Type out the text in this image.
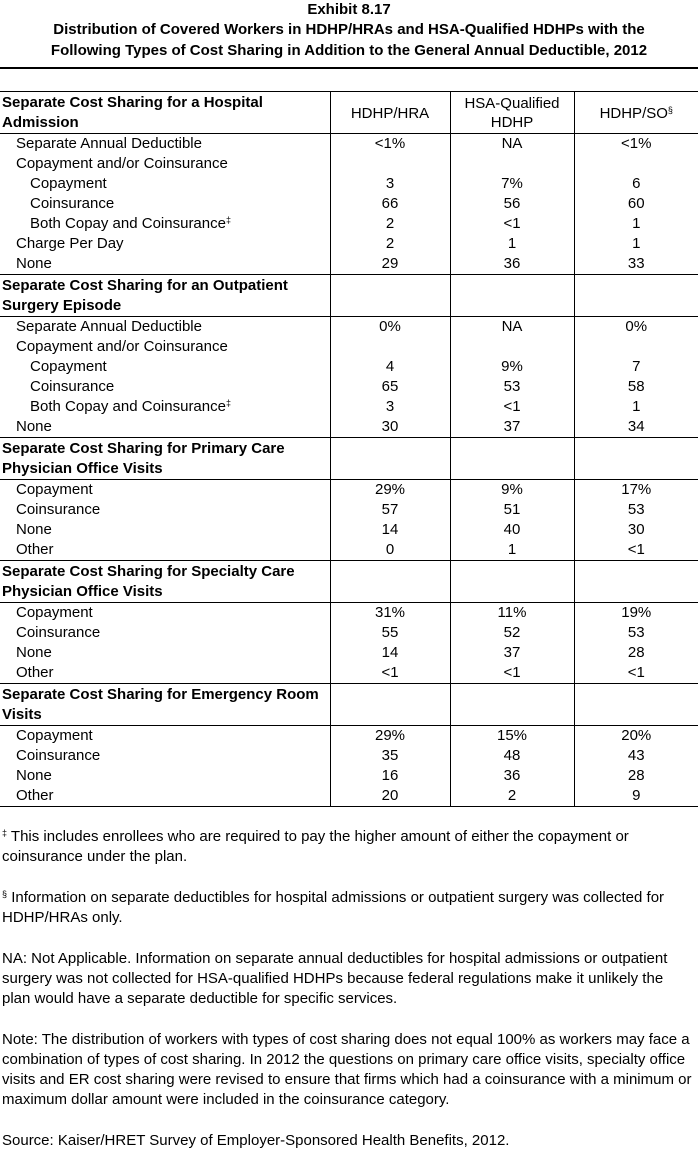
Exhibit 8.17
Distribution of Covered Workers in HDHP/HRAs and HSA-Qualified HDHPs with the
Following Types of Cost Sharing in Addition to the General Annual Deductible, 2012
Separate Cost Sharing for a Hospital Admission	HDHP/HRA	HSA-Qualified HDHP	HDHP/SO§
Separate Annual Deductible	<1%	NA	<1%
Copayment and/or Coinsurance			
Copayment	3	7%	6
Coinsurance	66	56	60
Both Copay and Coinsurance‡	2	<1	1
Charge Per Day	2	1	1
None	29	36	33
Separate Cost Sharing for an Outpatient Surgery Episode			
Separate Annual Deductible	0%	NA	0%
Copayment and/or Coinsurance			
Copayment	4	9%	7
Coinsurance	65	53	58
Both Copay and Coinsurance‡	3	<1	1
None	30	37	34
Separate Cost Sharing for Primary Care Physician Office Visits			
Copayment	29%	9%	17%
Coinsurance	57	51	53
None	14	40	30
Other	0	1	<1
Separate Cost Sharing for Specialty Care Physician Office Visits			
Copayment	31%	11%	19%
Coinsurance	55	52	53
None	14	37	28
Other	<1	<1	<1
Separate Cost Sharing for Emergency Room Visits			
Copayment	29%	15%	20%
Coinsurance	35	48	43
None	16	36	28
Other	20	2	9

‡ This includes enrollees who are required to pay the higher amount of either the copayment or coinsurance under the plan.

§ Information on separate deductibles for hospital admissions or outpatient surgery was collected for HDHP/HRAs only.

NA: Not Applicable. Information on separate annual deductibles for hospital admissions or outpatient surgery was not collected for HSA-qualified HDHPs because federal regulations make it unlikely the plan would have a separate deductible for specific services.

Note: The distribution of workers with types of cost sharing does not equal 100% as workers may face a combination of types of cost sharing. In 2012 the questions on primary care office visits, specialty office visits and ER cost sharing were revised to ensure that firms which had a coinsurance with a minimum or maximum dollar amount were included in the coinsurance category.

Source: Kaiser/HRET Survey of Employer-Sponsored Health Benefits, 2012.
